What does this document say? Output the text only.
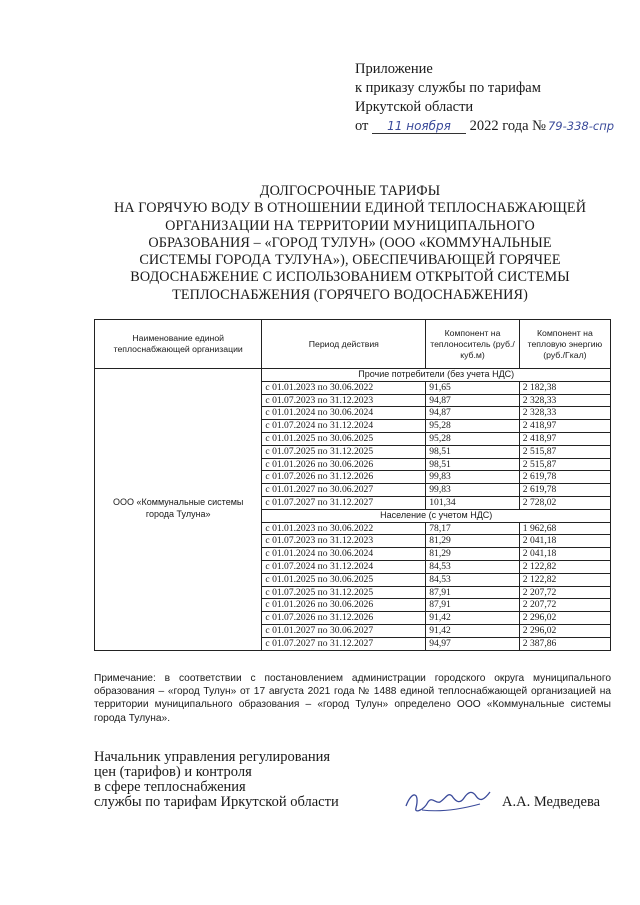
Приложение
к приказу службы по тарифам
Иркутской области
от 11 ноября 2022 года № 79-338-спр
ДОЛГОСРОЧНЫЕ ТАРИФЫ
НА ГОРЯЧУЮ ВОДУ В ОТНОШЕНИИ ЕДИНОЙ ТЕПЛОСНАБЖАЮЩЕЙ
ОРГАНИЗАЦИИ НА ТЕРРИТОРИИ МУНИЦИПАЛЬНОГО
ОБРАЗОВАНИЯ – «ГОРОД ТУЛУН» (ООО «КОММУНАЛЬНЫЕ
СИСТЕМЫ ГОРОДА ТУЛУНА»), ОБЕСПЕЧИВАЮЩЕЙ ГОРЯЧЕЕ
ВОДОСНАБЖЕНИЕ С ИСПОЛЬЗОВАНИЕМ ОТКРЫТОЙ СИСТЕМЫ
ТЕПЛОСНАБЖЕНИЯ (ГОРЯЧЕГО ВОДОСНАБЖЕНИЯ)
Наименование единой теплоснабжающей организации	Период действия	Компонент на теплоноситель (руб./куб.м)	Компонент на тепловую энергию (руб./Гкал)
ООО «Коммунальные системы города Тулуна»	Прочие потребители (без учета НДС)		
	с 01.01.2023 по 30.06.2022	91,65	2 182,38
	с 01.07.2023 по 31.12.2023	94,87	2 328,33
	с 01.01.2024 по 30.06.2024	94,87	2 328,33
	с 01.07.2024 по 31.12.2024	95,28	2 418,97
	с 01.01.2025 по 30.06.2025	95,28	2 418,97
	с 01.07.2025 по 31.12.2025	98,51	2 515,87
	с 01.01.2026 по 30.06.2026	98,51	2 515,87
	с 01.07.2026 по 31.12.2026	99,83	2 619,78
	с 01.01.2027 по 30.06.2027	99,83	2 619,78
	с 01.07.2027 по 31.12.2027	101,34	2 728,02
	Население (с учетом НДС)		
	с 01.01.2023 по 30.06.2022	78,17	1 962,68
	с 01.07.2023 по 31.12.2023	81,29	2 041,18
	с 01.01.2024 по 30.06.2024	81,29	2 041,18
	с 01.07.2024 по 31.12.2024	84,53	2 122,82
	с 01.01.2025 по 30.06.2025	84,53	2 122,82
	с 01.07.2025 по 31.12.2025	87,91	2 207,72
	с 01.01.2026 по 30.06.2026	87,91	2 207,72
	с 01.07.2026 по 31.12.2026	91,42	2 296,02
	с 01.01.2027 по 30.06.2027	91,42	2 296,02
	с 01.07.2027 по 31.12.2027	94,97	2 387,86
Примечание: в соответствии с постановлением администрации городского округа муниципального образования – «город Тулун» от 17 августа 2021 года № 1488 единой теплоснабжающей организацией на территории муниципального образования – «город Тулун» определено ООО «Коммунальные системы города Тулуна».
Начальник управления регулирования
цен (тарифов) и контроля
в сфере теплоснабжения
службы по тарифам Иркутской области	А.А. Медведева
